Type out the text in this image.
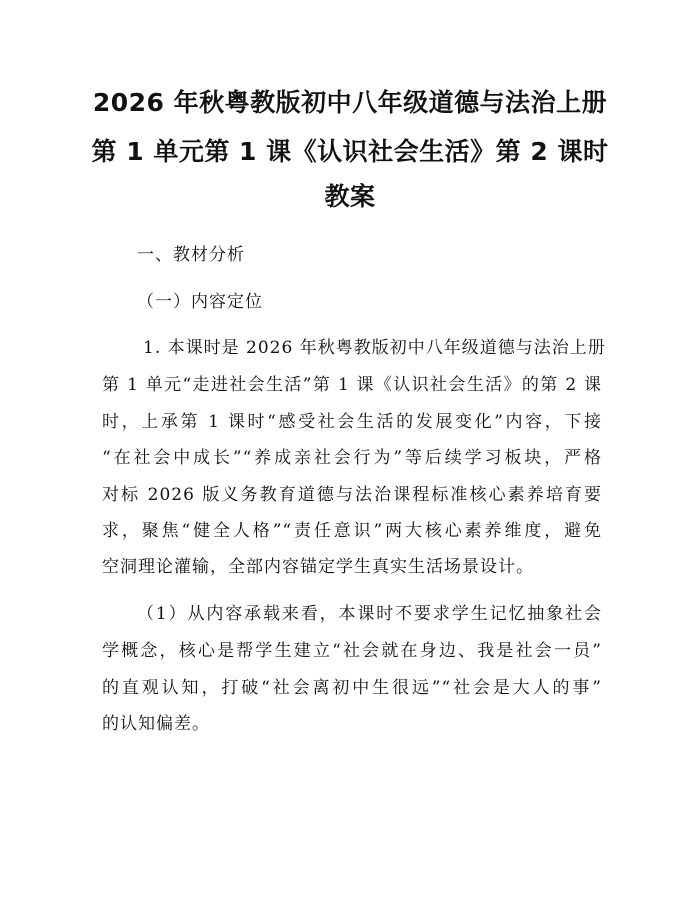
2026 年秋粤教版初中八年级道德与法治上册
第 1 单元第 1 课《认识社会生活》第 2 课时
教案
一、教材分析
（一）内容定位
1. 本课时是 2026 年秋粤教版初中八年级道德与法治上册
第 1 单元“走进社会生活”第 1 课《认识社会生活》的第 2 课
时，上承第 1 课时“感受社会生活的发展变化”内容，下接
“在社会中成长”“养成亲社会行为”等后续学习板块，严格
对标 2026 版义务教育道德与法治课程标准核心素养培育要
求，聚焦“健全人格”“责任意识”两大核心素养维度，避免
空洞理论灌输，全部内容锚定学生真实生活场景设计。
（1）从内容承载来看，本课时不要求学生记忆抽象社会
学概念，核心是帮学生建立“社会就在身边、我是社会一员”
的直观认知，打破“社会离初中生很远”“社会是大人的事”
的认知偏差。
